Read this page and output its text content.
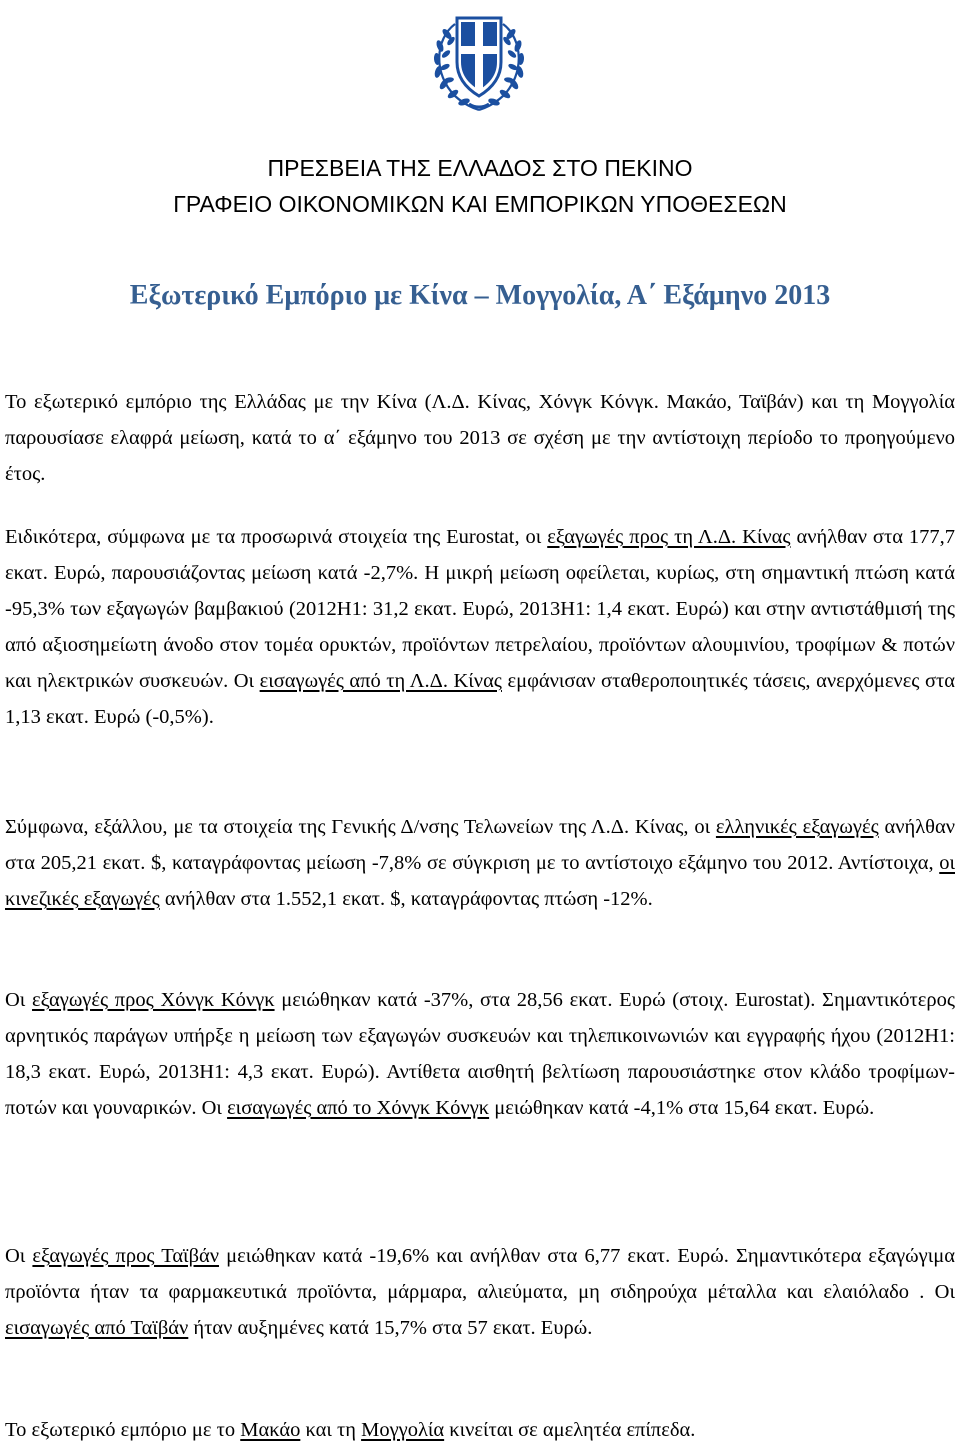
ΠΡΕΣΒΕΙΑ ΤΗΣ ΕΛΛΑΔΟΣ ΣΤΟ ΠΕΚΙΝΟ
ΓΡΑΦΕΙΟ ΟΙΚΟΝΟΜΙΚΩΝ ΚΑΙ ΕΜΠΟΡΙΚΩΝ ΥΠΟΘΕΣΕΩΝ
Εξωτερικό Εμπόριο με Κίνα – Μογγολία, Α΄ Εξάμηνο 2013

Το εξωτερικό εμπόριο της Ελλάδας με την Κίνα (Λ.Δ. Κίνας, Χόνγκ Κόνγκ. Μακάο, Ταϊβάν) και τη Μογγολία παρουσίασε ελαφρά μείωση, κατά το α΄ εξάμηνο του 2013 σε σχέση με την αντίστοιχη περίοδο το προηγούμενο έτος.

Ειδικότερα, σύμφωνα με τα προσωρινά στοιχεία της Eurostat, οι εξαγωγές προς τη Λ.Δ. Κίνας ανήλθαν στα 177,7 εκατ. Ευρώ, παρουσιάζοντας μείωση κατά -2,7%. Η μικρή μείωση οφείλεται, κυρίως, στη σημαντική πτώση κατά -95,3% των εξαγωγών βαμβακιού (2012H1: 31,2 εκατ. Ευρώ, 2013H1: 1,4 εκατ. Ευρώ) και στην αντιστάθμισή της από αξιοσημείωτη άνοδο στον τομέα ορυκτών, προϊόντων πετρελαίου, προϊόντων αλουμινίου, τροφίμων & ποτών και ηλεκτρικών συσκευών. Οι εισαγωγές από τη Λ.Δ. Κίνας εμφάνισαν σταθεροποιητικές τάσεις, ανερχόμενες στα 1,13 εκατ. Ευρώ (-0,5%).

Σύμφωνα, εξάλλου, με τα στοιχεία της Γενικής Δ/νσης Τελωνείων της Λ.Δ. Κίνας, οι ελληνικές εξαγωγές ανήλθαν στα 205,21 εκατ. $, καταγράφοντας μείωση -7,8% σε σύγκριση με το αντίστοιχο εξάμηνο του 2012. Αντίστοιχα, οι κινεζικές εξαγωγές ανήλθαν στα 1.552,1 εκατ. $, καταγράφοντας πτώση -12%.

Οι εξαγωγές προς Χόνγκ Κόνγκ μειώθηκαν κατά -37%, στα 28,56 εκατ. Ευρώ (στοιχ. Eurostat). Σημαντικότερος αρνητικός παράγων υπήρξε η μείωση των εξαγωγών συσκευών και τηλεπικοινωνιών και εγγραφής ήχου (2012Η1: 18,3 εκατ. Ευρώ, 2013Η1: 4,3 εκατ. Ευρώ). Αντίθετα αισθητή βελτίωση παρουσιάστηκε στον κλάδο τροφίμων-ποτών και γουναρικών. Οι εισαγωγές από το Χόνγκ Κόνγκ μειώθηκαν κατά -4,1% στα 15,64 εκατ. Ευρώ.

Οι εξαγωγές προς Ταϊβάν μειώθηκαν κατά -19,6% και ανήλθαν στα 6,77 εκατ. Ευρώ. Σημαντικότερα εξαγώγιμα προϊόντα ήταν τα φαρμακευτικά προϊόντα, μάρμαρα, αλιεύματα, μη σιδηρούχα μέταλλα και ελαιόλαδο . Οι εισαγωγές από Ταϊβάν ήταν αυξημένες κατά 15,7% στα 57 εκατ. Ευρώ.

Το εξωτερικό εμπόριο με το Μακάο και τη Μογγολία κινείται σε αμελητέα επίπεδα.
